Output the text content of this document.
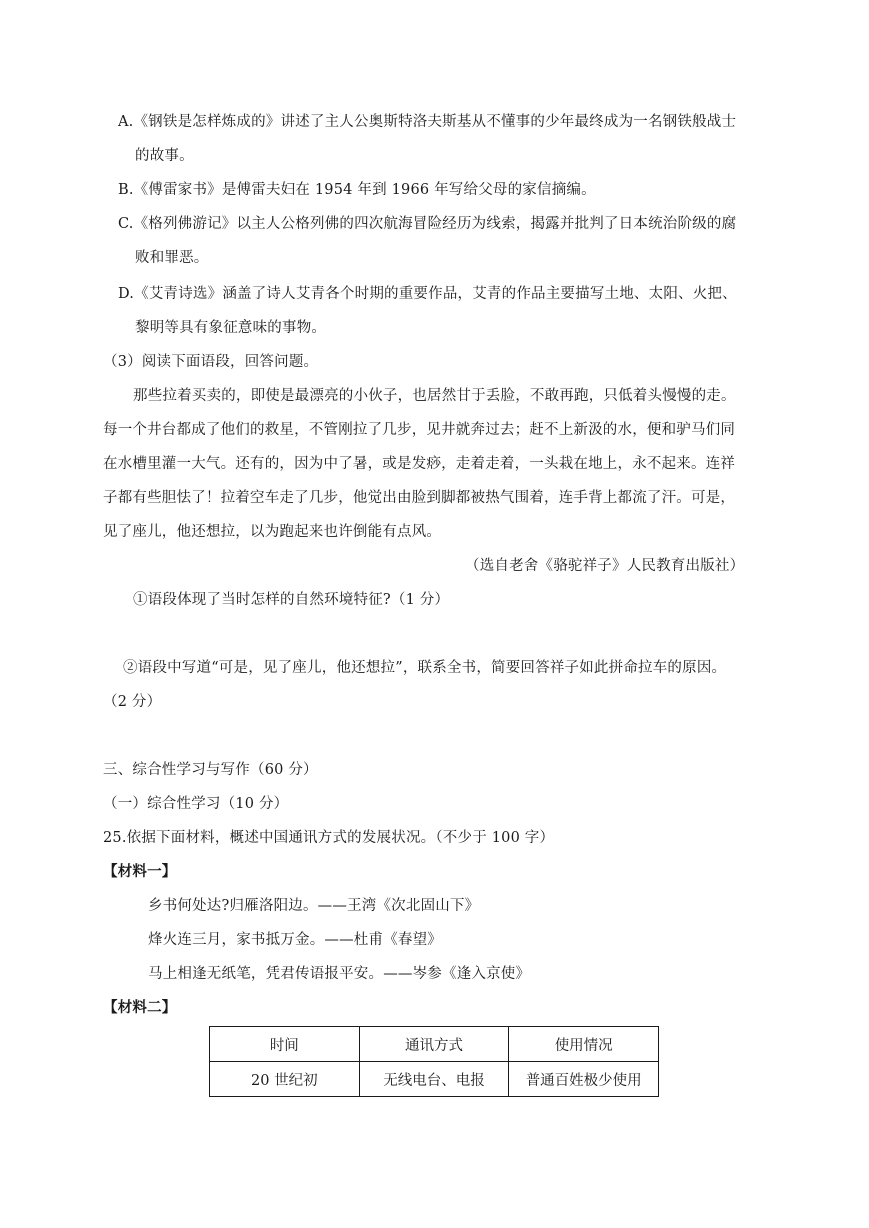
A.《钢铁是怎样炼成的》讲述了主人公奥斯特洛夫斯基从不懂事的少年最终成为一名钢铁般战士
的故事。
B.《傅雷家书》是傅雷夫妇在 1954 年到 1966 年写给父母的家信摘编。
C.《格列佛游记》以主人公格列佛的四次航海冒险经历为线索，揭露并批判了日本统治阶级的腐
败和罪恶。
D.《艾青诗选》涵盖了诗人艾青各个时期的重要作品，艾青的作品主要描写土地、太阳、火把、
黎明等具有象征意味的事物。
（3）阅读下面语段，回答问题。
那些拉着买卖的，即使是最漂亮的小伙子，也居然甘于丢脸，不敢再跑，只低着头慢慢的走。
每一个井台都成了他们的救星，不管刚拉了几步，见井就奔过去；赶不上新汲的水，便和驴马们同
在水槽里灌一大气。还有的，因为中了暑，或是发痧，走着走着，一头栽在地上，永不起来。连祥
子都有些胆怯了！拉着空车走了几步，他觉出由脸到脚都被热气围着，连手背上都流了汗。可是，
见了座儿，他还想拉，以为跑起来也许倒能有点风。
（选自老舍《骆驼祥子》人民教育出版社）
①语段体现了当时怎样的自然环境特征?（1 分）
②语段中写道“可是，见了座儿，他还想拉”，联系全书，简要回答祥子如此拼命拉车的原因。
（2 分）
三、综合性学习与写作（60 分）
（一）综合性学习（10 分）
25.依据下面材料，概述中国通讯方式的发展状况。（不少于 100 字）
【材料一】
乡书何处达?归雁洛阳边。——王湾《次北固山下》
烽火连三月，家书抵万金。——杜甫《春望》
马上相逢无纸笔，凭君传语报平安。——岑参《逢入京使》
【材料二】
时间	通讯方式	使用情况
20 世纪初	无线电台、电报	普通百姓极少使用
